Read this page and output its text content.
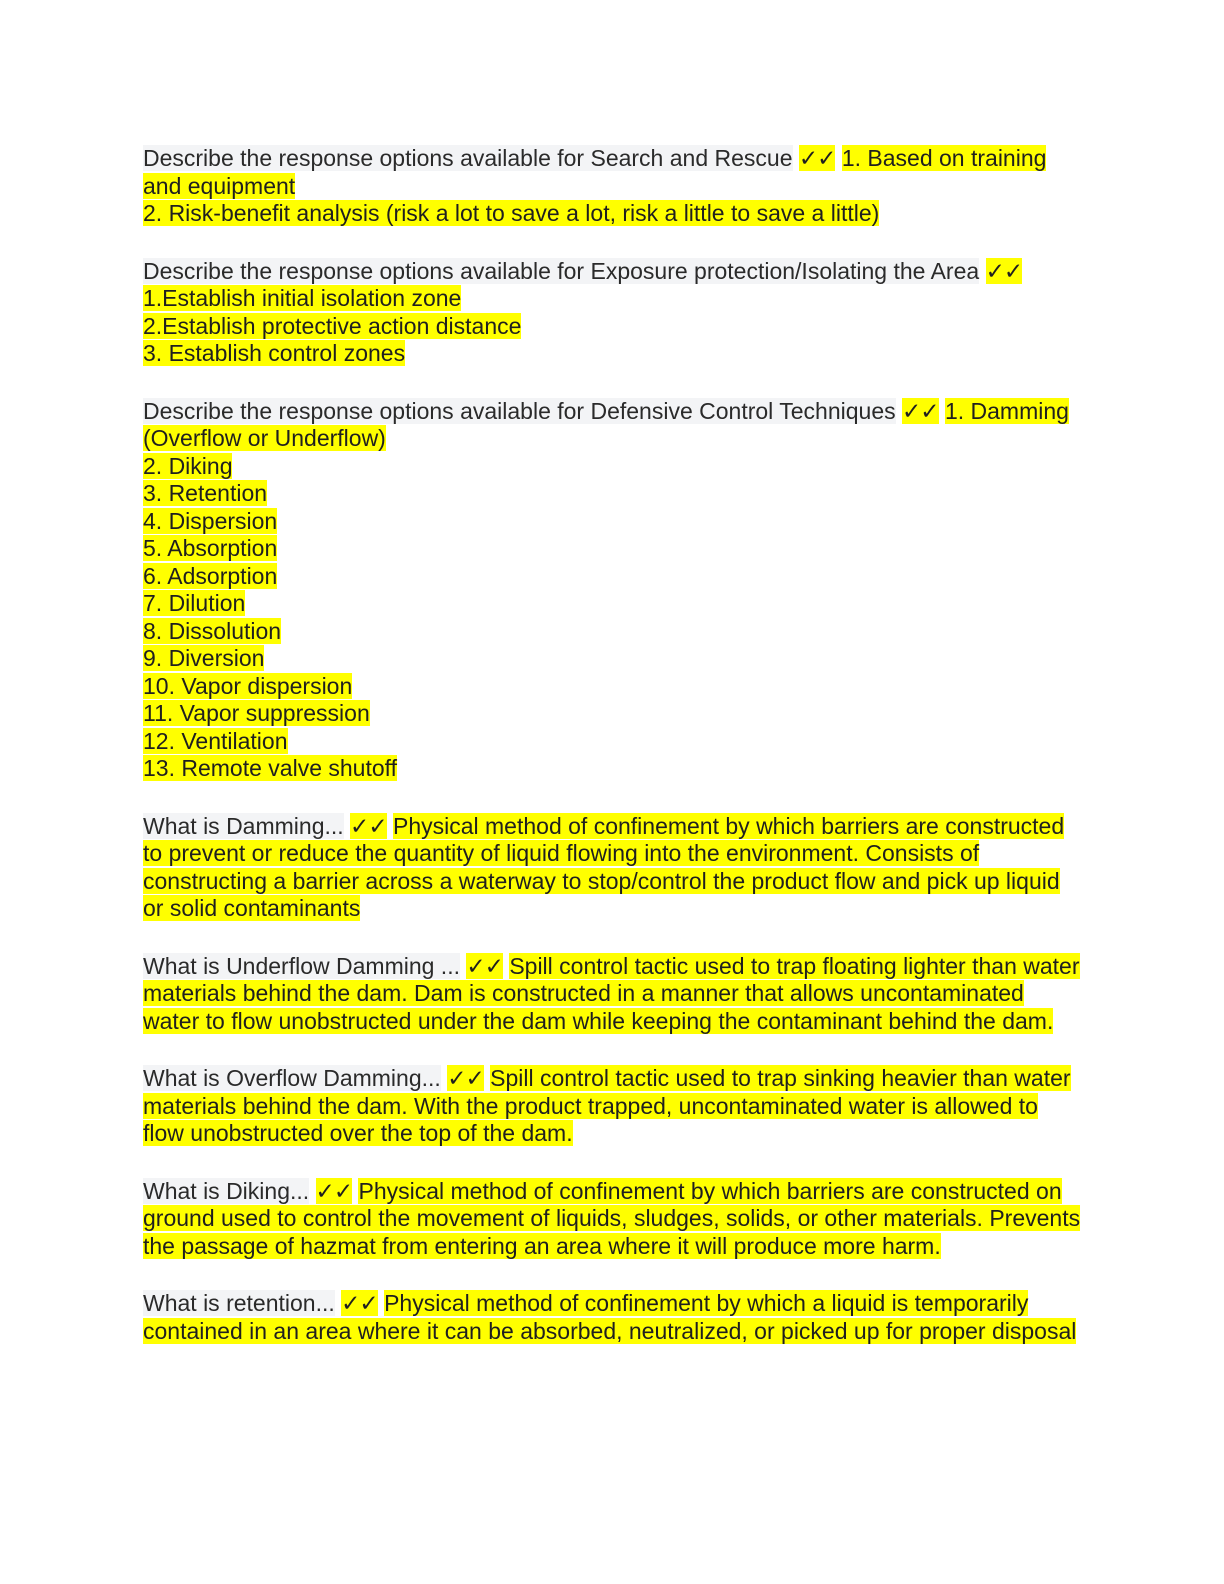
Describe the response options available for Search and Rescue ✓✓ 1. Based on training and equipment
2. Risk-benefit analysis (risk a lot to save a lot, risk a little to save a little)
Describe the response options available for Exposure protection/Isolating the Area ✓✓
1.Establish initial isolation zone
2.Establish protective action distance
3. Establish control zones
Describe the response options available for Defensive Control Techniques ✓✓ 1. Damming (Overflow or Underflow)
2. Diking
3. Retention
4. Dispersion
5. Absorption
6. Adsorption
7. Dilution
8. Dissolution
9. Diversion
10. Vapor dispersion
11. Vapor suppression
12. Ventilation
13. Remote valve shutoff
What is Damming... ✓✓ Physical method of confinement by which barriers are constructed to prevent or reduce the quantity of liquid flowing into the environment. Consists of constructing a barrier across a waterway to stop/control the product flow and pick up liquid or solid contaminants
What is Underflow Damming ... ✓✓ Spill control tactic used to trap floating lighter than water materials behind the dam. Dam is constructed in a manner that allows uncontaminated water to flow unobstructed under the dam while keeping the contaminant behind the dam.
What is Overflow Damming... ✓✓ Spill control tactic used to trap sinking heavier than water materials behind the dam. With the product trapped, uncontaminated water is allowed to flow unobstructed over the top of the dam.
What is Diking... ✓✓ Physical method of confinement by which barriers are constructed on ground used to control the movement of liquids, sludges, solids, or other materials. Prevents the passage of hazmat from entering an area where it will produce more harm.
What is retention... ✓✓ Physical method of confinement by which a liquid is temporarily contained in an area where it can be absorbed, neutralized, or picked up for proper disposal
